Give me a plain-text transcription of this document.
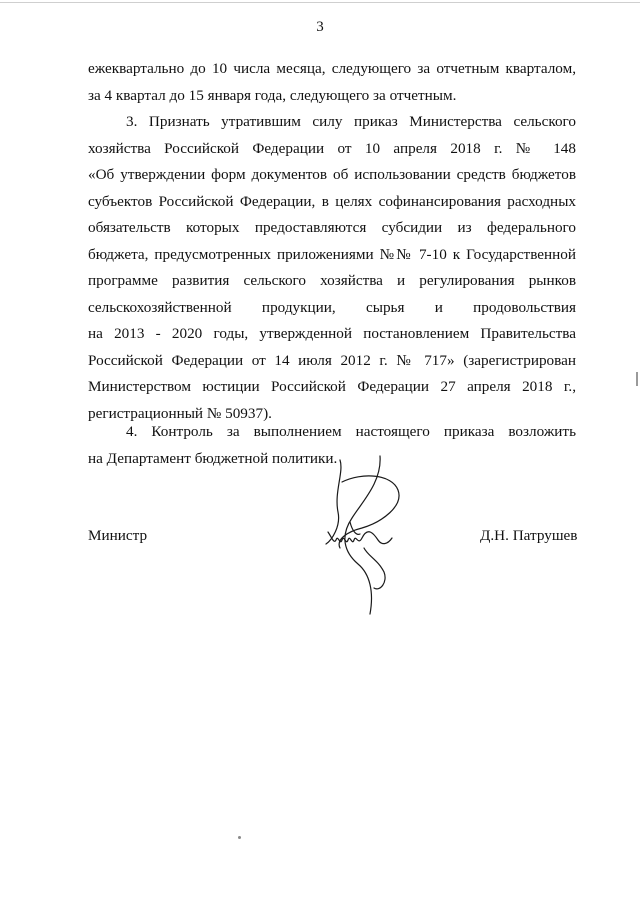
3
ежеквартально до 10 числа месяца, следующего за отчетным кварталом,
за 4 квартал до 15 января года, следующего за отчетным.
3. Признать утратившим силу приказ Министерства сельского
хозяйства Российской Федерации от 10 апреля 2018 г. № 148
«Об утверждении форм документов об использовании средств бюджетов
субъектов Российской Федерации, в целях софинансирования расходных
обязательств которых предоставляются субсидии из федерального
бюджета, предусмотренных приложениями №№ 7-10 к Государственной
программе развития сельского хозяйства и регулирования рынков
сельскохозяйственной продукции, сырья и продовольствия
на 2013 - 2020 годы, утвержденной постановлением Правительства
Российской Федерации от 14 июля 2012 г. № 717» (зарегистрирован
Министерством юстиции Российской Федерации 27 апреля 2018 г.,
регистрационный № 50937).
4. Контроль за выполнением настоящего приказа возложить
на Департамент бюджетной политики.
Министр	Д.Н. Патрушев
